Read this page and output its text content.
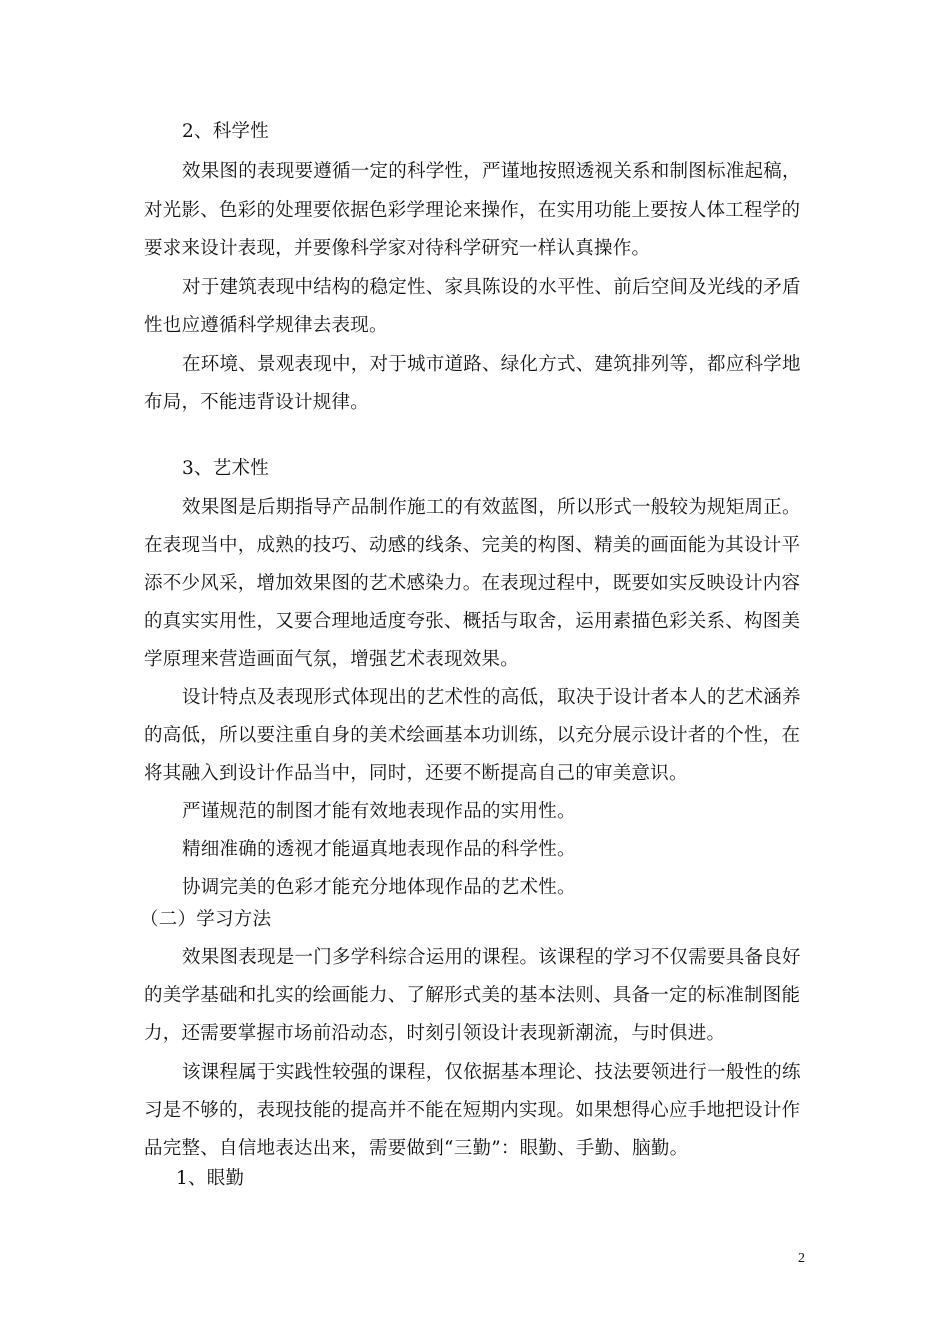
2、科学性
效果图的表现要遵循一定的科学性，严谨地按照透视关系和制图标准起稿，
对光影、色彩的处理要依据色彩学理论来操作，在实用功能上要按人体工程学的
要求来设计表现，并要像科学家对待科学研究一样认真操作。
对于建筑表现中结构的稳定性、家具陈设的水平性、前后空间及光线的矛盾
性也应遵循科学规律去表现。
在环境、景观表现中，对于城市道路、绿化方式、建筑排列等，都应科学地
布局，不能违背设计规律。
3、艺术性
效果图是后期指导产品制作施工的有效蓝图，所以形式一般较为规矩周正。
在表现当中，成熟的技巧、动感的线条、完美的构图、精美的画面能为其设计平
添不少风采，增加效果图的艺术感染力。在表现过程中，既要如实反映设计内容
的真实实用性，又要合理地适度夸张、概括与取舍，运用素描色彩关系、构图美
学原理来营造画面气氛，增强艺术表现效果。
设计特点及表现形式体现出的艺术性的高低，取决于设计者本人的艺术涵养
的高低，所以要注重自身的美术绘画基本功训练，以充分展示设计者的个性，在
将其融入到设计作品当中，同时，还要不断提高自己的审美意识。
严谨规范的制图才能有效地表现作品的实用性。
精细准确的透视才能逼真地表现作品的科学性。
协调完美的色彩才能充分地体现作品的艺术性。
（二）学习方法
效果图表现是一门多学科综合运用的课程。该课程的学习不仅需要具备良好
的美学基础和扎实的绘画能力、了解形式美的基本法则、具备一定的标准制图能
力，还需要掌握市场前沿动态，时刻引领设计表现新潮流，与时俱进。
该课程属于实践性较强的课程，仅依据基本理论、技法要领进行一般性的练
习是不够的，表现技能的提高并不能在短期内实现。如果想得心应手地把设计作
品完整、自信地表达出来，需要做到“三勤”：眼勤、手勤、脑勤。
1、眼勤
2
